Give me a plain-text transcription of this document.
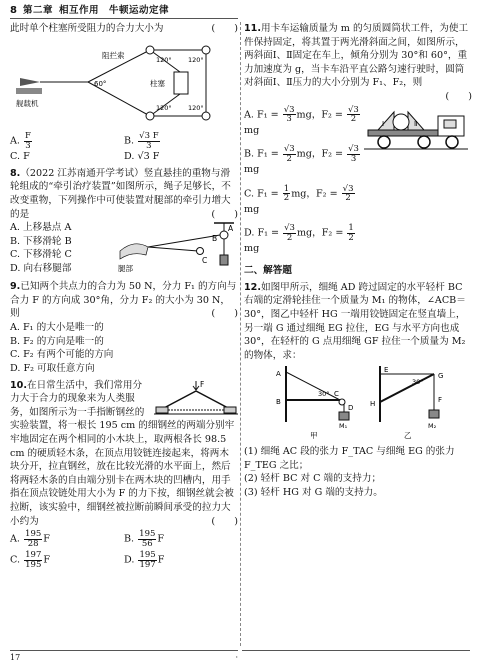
8 第二章 相互作用　牛顿运动定律

此时单个柱塞所受阻力的合力大小为	(　　)

舰载机
阻拦索
柱塞
60°
120°
120°
120°
120°
A. $\frac{F}{3}$	B. $\frac{√3 F}{3}$
C. F	D. √3 F

8.（2022 江苏南通开学考试）竖直悬挂的重物与滑轮组成的“牵引治疗装置”如图所示，绳子足够长，不改变重物，下列操作中可使装置对腿部的牵引力增大的是	(　　)

A. 上移悬点 A
B. 下移滑轮 B
C. 下移滑轮 C
D. 向右移腿部	腿部
A
B
C

9.已知两个共点力的合力为 50 N，分力 F₁ 的方向与合力 F 的方向成 30°角，分力 F₂ 的大小为 30 N，则	(　　)

A. F₁ 的大小是唯一的
B. F₂ 的方向是唯一的
C. F₂ 有两个可能的方向
D. F₂ 可取任意方向
F

10.在日常生活中，我们常用分力大于合力的现象来为人类服务，如图所示为一手指断钢丝的实验装置，将一根长 195 cm 的细钢丝的两端分别牢牢地固定在两个相同的小木块上，取两根各长 98.5 cm 的硬质轻木条，在顶点用铰链连接起来，将两木块分开，拉直钢丝，放在比较光滑的水平面上，然后将两轻木条的自由端分别卡在两木块的凹槽内，用手指在顶点铰链处用大小为 F 的力下按，细钢丝就会被拉断，该实验中，细钢丝被拉断前瞬间承受的拉力大小约为	(　　)

A. $\frac{195}{28}$ F	B. $\frac{195}{56}$ F
C. $\frac{197}{195}$ F	D. $\frac{195}{197}$ F

11.用卡车运输质量为 m 的匀质圆筒状工件，为使工件保持固定，将其置于两光滑斜面之间，如图所示，两斜面Ⅰ、Ⅱ固定在车上，倾角分别为 30°和 60°，重力加速度为 g，当卡车沿平直公路匀速行驶时，圆筒对斜面Ⅰ、Ⅱ压力的大小分别为 F₁、F₂，则

(　　)

A. $F_1 = \frac{√3}{3}$ mg，$F_2 = \frac{√3}{2}$
mg
B. $F_1 = \frac{√3}{2}$ mg，$F_2 = \frac{√3}{3}$
mg
C. $F_1 = \frac{1}{2}$ mg，$F_2 = \frac{√3}{2}$
mg
D. $F_1 = \frac{√3}{2}$ mg，$F_2 = \frac{1}{2}$
mg
Ⅰ	Ⅱ
二、解答题

12.如图甲所示，细绳 AD 跨过固定的水平轻杆 BC 右端的定滑轮挂住一个质量为 M₁ 的物体，∠ACB＝30°，图乙中轻杆 HG 一端用铰链固定在竖直墙上，另一端 G 通过细绳 EG 拉住，EG 与水平方向也成 30°，在轻杆的 G 点用细绳 GF 拉住一个质量为 M₂ 的物体，求：

A
B
C
D
M₁
30°
甲
E
H
G
F
M₂
30°
乙

(1) 细绳 AC 段的张力 F_TAC 与细绳 EG 的张力 F_TEG 之比；

(2) 轻杆 BC 对 C 端的支持力；

(3) 轻杆 HG 对 G 端的支持力。

17	·
